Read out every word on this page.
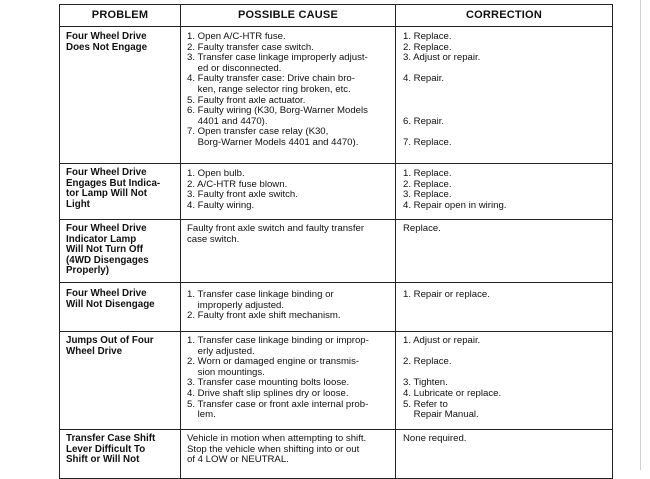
PROBLEM	POSSIBLE CAUSE	CORRECTION
Four Wheel Drive
Does Not Engage
1. Open A/C-HTR fuse.
2. Faulty transfer case switch.
3. Transfer case linkage improperly adjust-
ed or disconnected.
4. Faulty transfer case: Drive chain bro-
ken, range selector ring broken, etc.
5. Faulty front axle actuator.
6. Faulty wiring (K30, Borg-Warner Models
4401 and 4470).
7. Open transfer case relay (K30,
Borg-Warner Models 4401 and 4470).
1. Replace.
2. Replace.
3. Adjust or repair.

4. Repair.

6. Repair.

7. Replace.
Four Wheel Drive
Engages But Indica-
tor Lamp Will Not
Light
1. Open bulb.
2. A/C-HTR fuse blown.
3. Faulty front axle switch.
4. Faulty wiring.
1. Replace.
2. Replace.
3. Replace.
4. Repair open in wiring.
Four Wheel Drive
Indicator Lamp
Will Not Turn Off
(4WD Disengages
Properly)
Faulty front axle switch and faulty transfer
case switch.
Replace.
Four Wheel Drive
Will Not Disengage
1. Transfer case linkage binding or
improperly adjusted.
2. Faulty front axle shift mechanism.
1. Repair or replace.
Jumps Out of Four
Wheel Drive
1. Transfer case linkage binding or improp-
erly adjusted.
2. Worn or damaged engine or transmis-
sion mountings.
3. Transfer case mounting bolts loose.
4. Drive shaft slip splines dry or loose.
5. Transfer case or front axle internal prob-
lem.
1. Adjust or repair.

2. Replace.

3. Tighten.
4. Lubricate or replace.
5. Refer to
Repair Manual.
Transfer Case Shift
Lever Difficult To
Shift or Will Not
Vehicle in motion when attempting to shift.
Stop the vehicle when shifting into or out
of 4 LOW or NEUTRAL.
None required.
